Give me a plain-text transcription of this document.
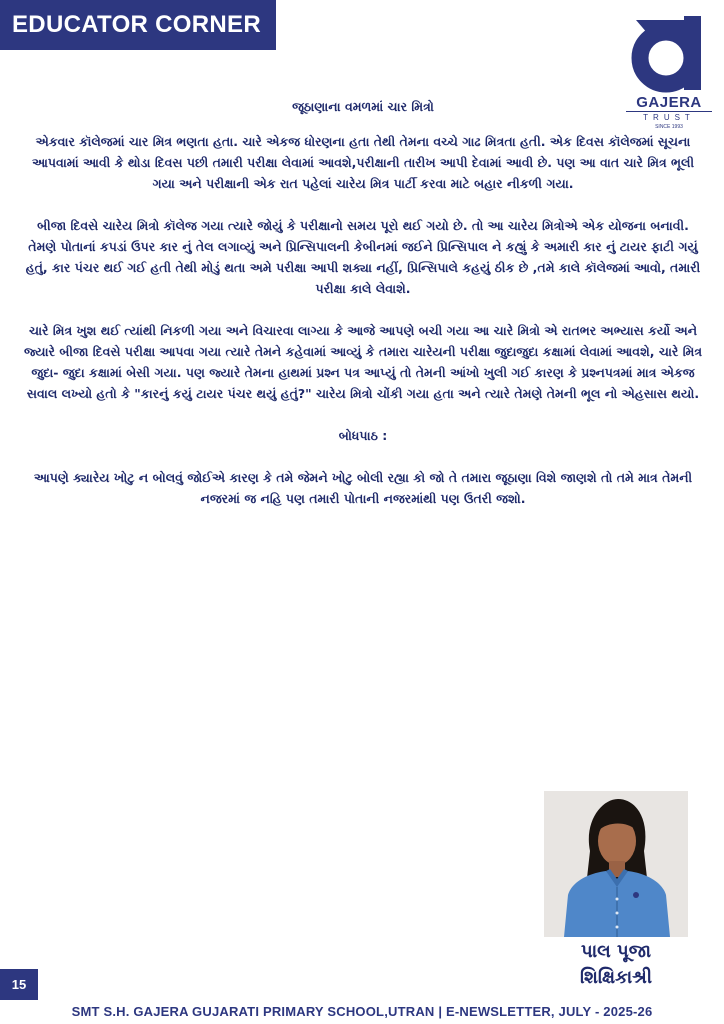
EDUCATOR CORNER
GAJERA
TRUST
SINCE 1993
જૂઠાણાના વમળમાં ચાર મિત્રો

એકવાર કૉલેજમાં ચાર મિત્ર ભણતા હતા. ચારે એકજ ધોરણના હતા તેથી તેમના વચ્ચે ગાઢ મિત્રતા હતી. એક દિવસ કૉલેજમાં સૂચના આપવામાં આવી કે થોડા દિવસ પછી તમારી પરીક્ષા લેવામાં આવશે,પરીક્ષાની તારીખ આપી દેવામાં આવી છે. પણ આ વાત ચારે મિત્ર ભૂલી ગયા અને પરીક્ષાની એક રાત પહેલાં ચારેય મિત્ર પાર્ટી કરવા માટે બહાર નીકળી ગયા.

બીજા દિવસે ચારેય મિત્રો કૉલેજ ગયા ત્યારે જોયું કે પરીક્ષાનો સમય પૂરો થઈ ગયો છે. તો આ ચારેય મિત્રોએ એક યોજના બનાવી. તેમણે પોતાનાં કપડાં ઉપર કાર નું તેલ લગાવ્યું અને પ્રિન્સિપાલની કેબીનમાં જઈને પ્રિન્સિપાલ ને કહ્યું કે અમારી કાર નું ટાયર ફાટી ગયું હતું, કાર પંચર થઈ ગઈ હતી તેથી મોડું થતા અમે પરીક્ષા આપી શક્યા નહીં, પ્રિન્સિપાલે કહયું ઠીક છે ,તમે કાલે કૉલેજમાં આવો, તમારી પરીક્ષા કાલે લેવાશે.

ચારે મિત્ર ખુશ થઈ ત્યાંથી નિકળી ગયા અને વિચારવા લાગ્યા કે આજે આપણે બચી ગયા આ ચારે મિત્રો એ રાતભર અભ્યાસ કર્યો અને જ્યારે બીજા દિવસે પરીક્ષા આપવા ગયા ત્યારે તેમને કહેવામાં આવ્યું કે તમારા ચારેયની પરીક્ષા જુદાજુદા કક્ષામાં લેવામાં આવશે, ચારે મિત્ર જુદા- જુદા કક્ષામાં બેસી ગયા. પણ જ્યારે તેમના હાથમાં પ્રશ્ન પત્ર આપ્યું તો તેમની આંખો ખુલી ગઈ કારણ કે પ્રશ્નપત્રમાં માત્ર એકજ સવાલ લખ્યો હતો કે "કારનું કયું ટાયર પંચર થયું હતું?" ચારેય મિત્રો ચોંકી ગયા હતા અને ત્યારે તેમણે તેમની ભૂલ નો એહસાસ થયો.

બોધપાઠ :

આપણે ક્યારેય ખોટુ ન બોલવું જોઈએ કારણ કે તમે જેમને ખોટુ બોલી રહ્યા કો જો તે તમારા જૂઠાણા વિશે જાણશે તો તમે માત્ર તેમની નજરમાં જ નહિ પણ તમારી પોતાની નજરમાંથી પણ ઉતરી જશો.

પાલ પૂજા
શિક્ષિકાશ્રી
15
SMT S.H. GAJERA GUJARATI PRIMARY SCHOOL,UTRAN | E-NEWSLETTER, JULY - 2025-26
